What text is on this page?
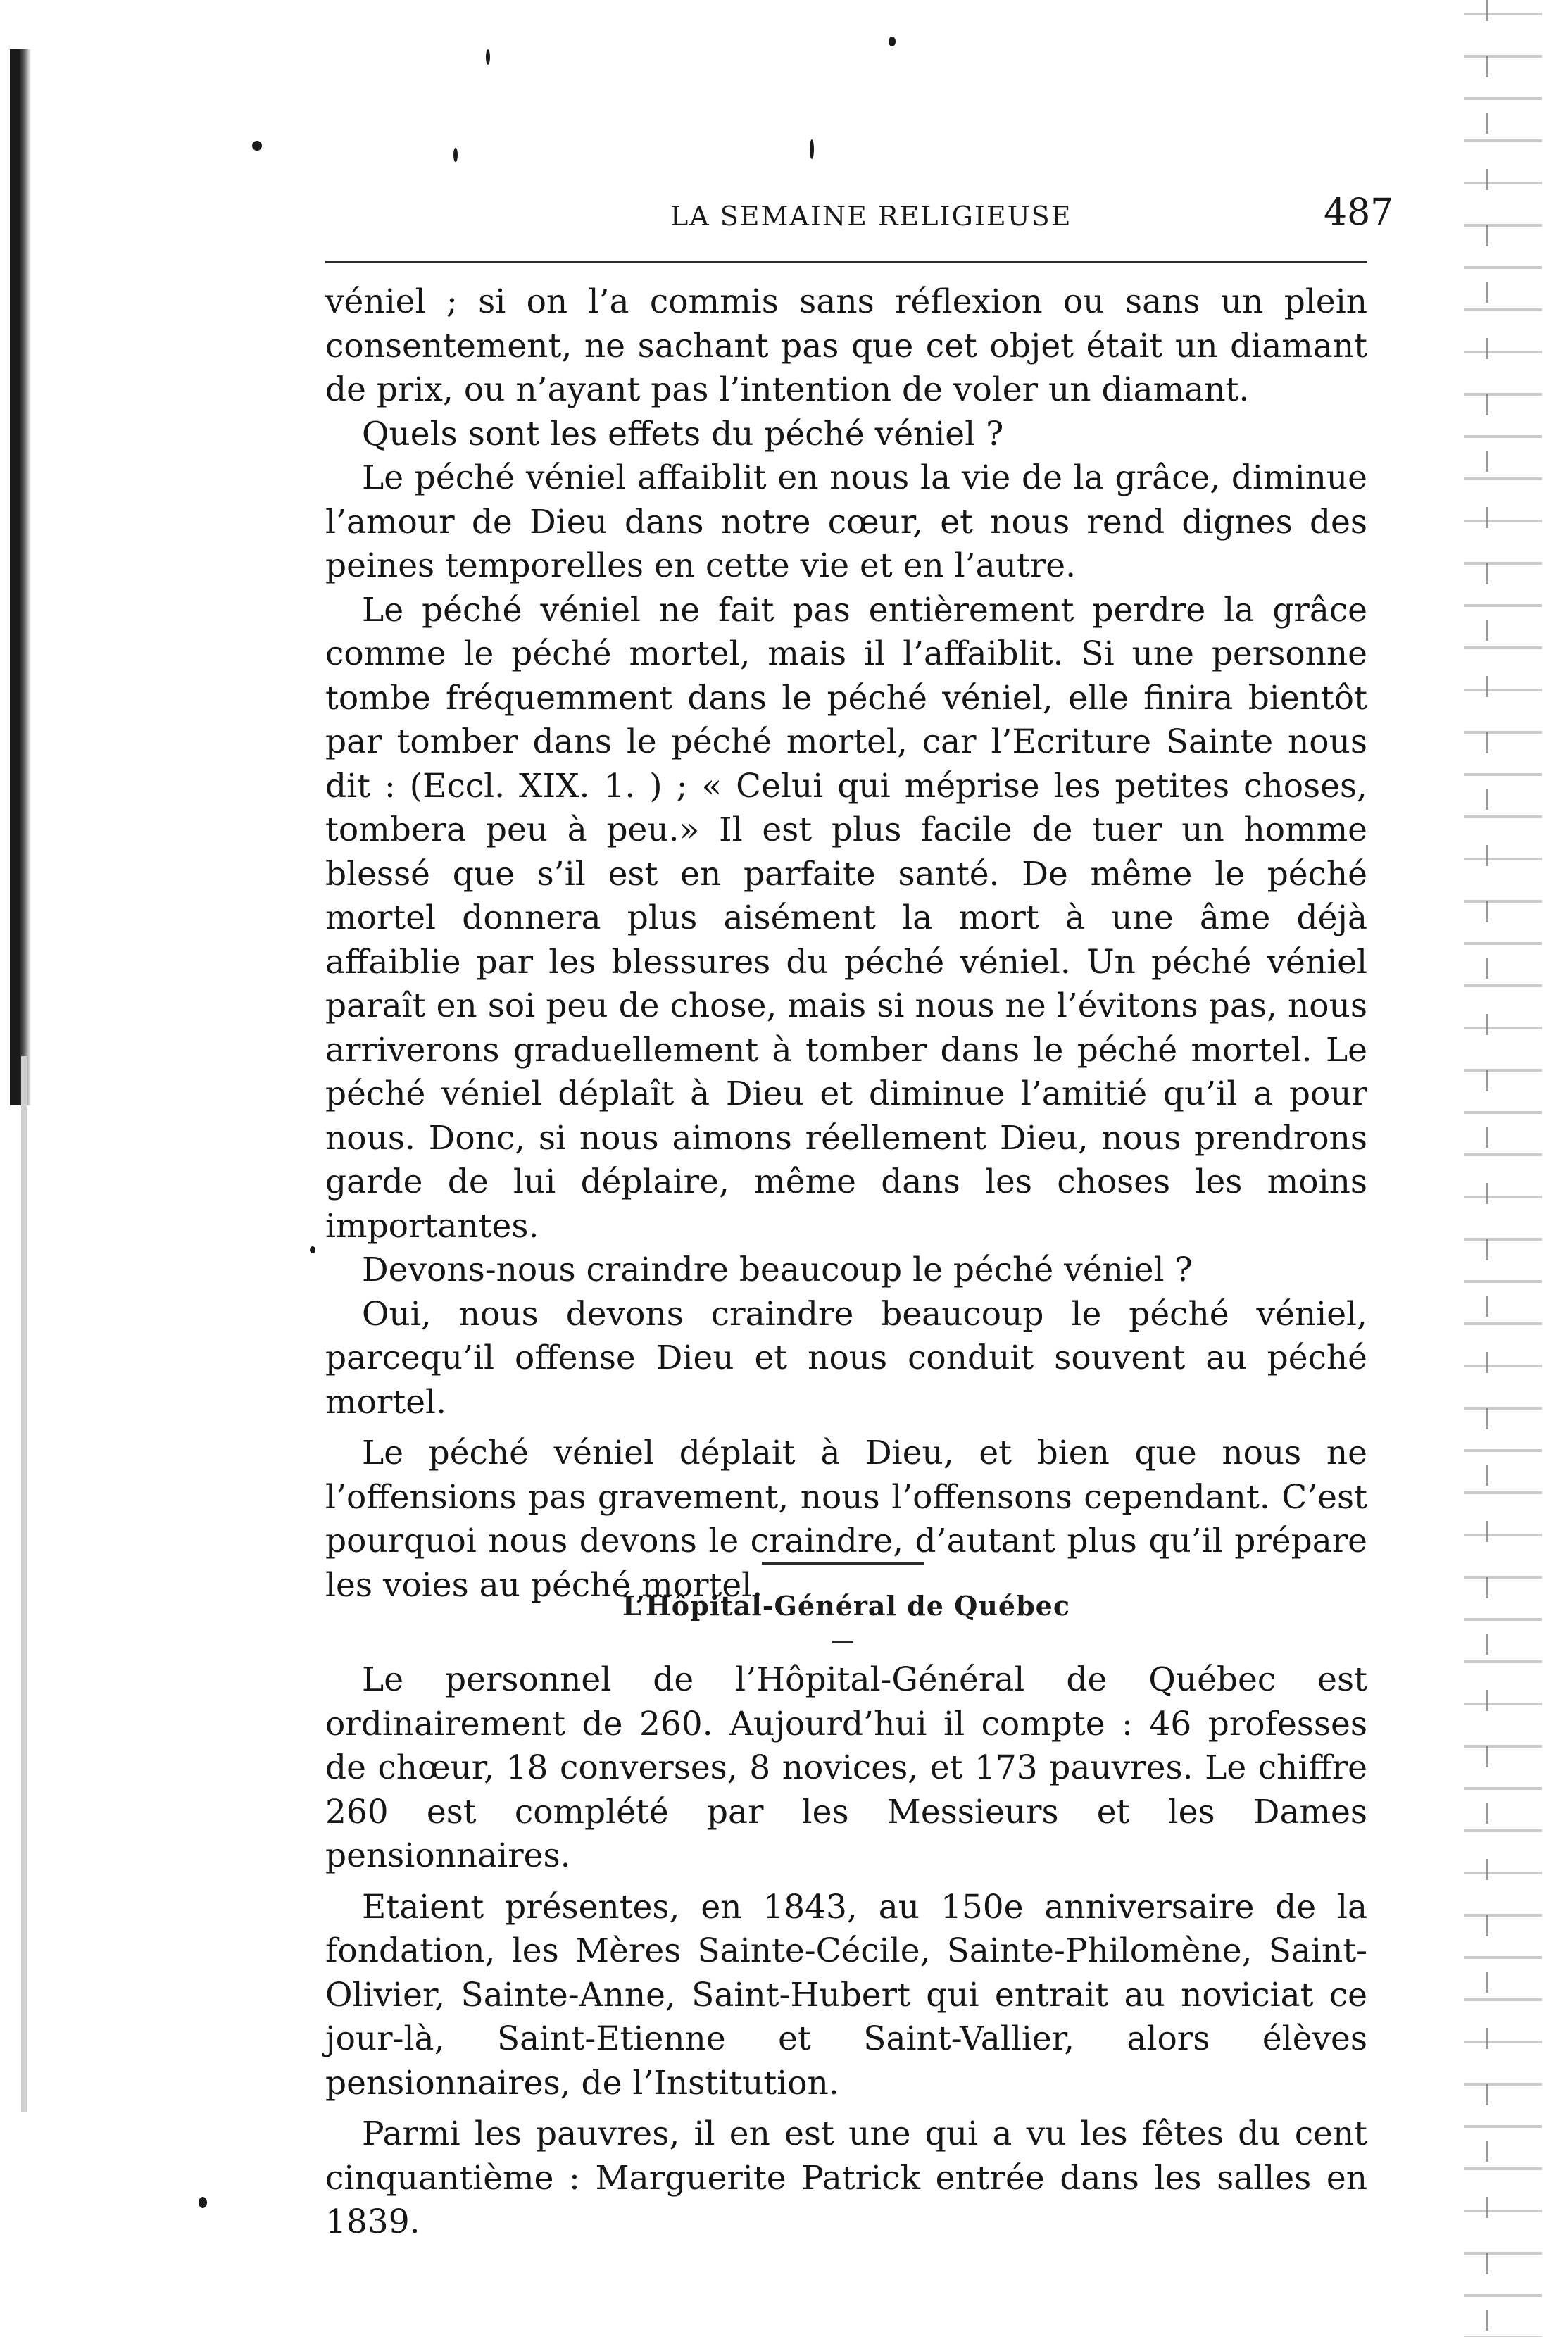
LA SEMAINE RELIGIEUSE	487

véniel ; si on l’a commis sans réflexion ou sans un plein consentement, ne sachant pas que cet objet était un diamant de prix, ou n’ayant pas l’intention de voler un diamant.

Quels sont les effets du péché véniel ?

Le péché véniel affaiblit en nous la vie de la grâce, diminue l’amour de Dieu dans notre cœur, et nous rend dignes des peines temporelles en cette vie et en l’autre.

Le péché véniel ne fait pas entièrement perdre la grâce comme le péché mortel, mais il l’affaiblit. Si une personne tombe fréquemment dans le péché véniel, elle finira bientôt par tomber dans le péché mortel, car l’Ecriture Sainte nous dit : (Eccl. XIX. 1. ) ; « Celui qui méprise les petites choses, tombera peu à peu.» Il est plus facile de tuer un homme blessé que s’il est en parfaite santé. De même le péché mortel donnera plus aisément la mort à une âme déjà affaiblie par les blessures du péché véniel. Un péché véniel paraît en soi peu de chose, mais si nous ne l’évitons pas, nous arriverons graduellement à tomber dans le péché mortel. Le péché véniel déplaît à Dieu et diminue l’amitié qu’il a pour nous. Donc, si nous aimons réellement Dieu, nous prendrons garde de lui déplaire, même dans les choses les moins importantes.

Devons-nous craindre beaucoup le péché véniel ?

Oui, nous devons craindre beaucoup le péché véniel, parcequ’il offense Dieu et nous conduit souvent au péché mortel.

Le péché véniel déplait à Dieu, et bien que nous ne l’offensions pas gravement, nous l’offensons cependant. C’est pourquoi nous devons le craindre, d’autant plus qu’il prépare les voies au péché mortel.

L’Hôpital-Général de Québec

Le personnel de l’Hôpital-Général de Québec est ordinairement de 260. Aujourd’hui il compte : 46 professes de chœur, 18 converses, 8 novices, et 173 pauvres. Le chiffre 260 est complété par les Messieurs et les Dames pensionnaires.

Etaient présentes, en 1843, au 150e anniversaire de la fondation, les Mères Sainte-Cécile, Sainte-Philomène, Saint-Olivier, Sainte-Anne, Saint-Hubert qui entrait au noviciat ce jour-là, Saint-Etienne et Saint-Vallier, alors élèves pensionnaires, de l’Institution.

Parmi les pauvres, il en est une qui a vu les fêtes du cent cinquantième : Marguerite Patrick entrée dans les salles en 1839.
